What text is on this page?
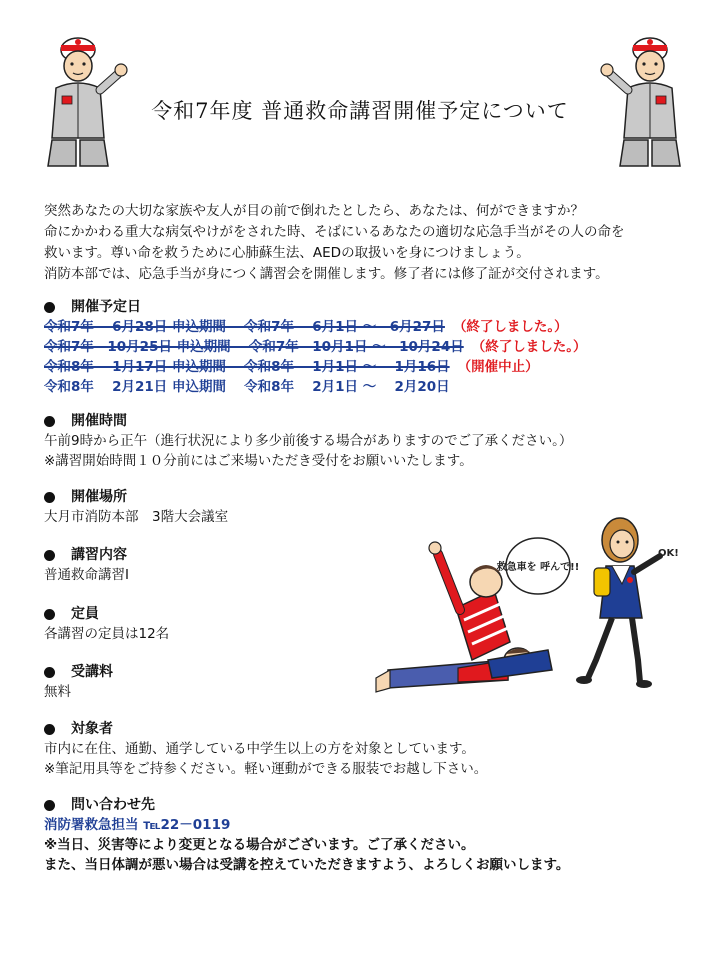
令和7年度 普通救命講習開催予定について

突然あなたの大切な家族や友人が目の前で倒れたとしたら、あなたは、何ができますか？

命にかかわる重大な病気やけがをされた時、そばにいるあなたの適切な応急手当がその人の命を

救います。尊い命を救うために心肺蘇生法、AEDの取扱いを身につけましょう。

消防本部では、応急手当が身につく講習会を開催します。修了者には修了証が交付されます。

開催予定日
令和7年　 6月28日 申込期間　 令和7年　 6月1日 ～　6月27日 （終了しました。）
令和7年　10月25日 申込期間　 令和7年　10月1日 ～　10月24日 （終了しました。）
令和8年　 1月17日 申込期間　 令和8年　 1月1日 ～　 1月16日 （開催中止）
令和8年　 2月21日 申込期間　 令和8年　 2月1日 ～　 2月20日
開催時間

午前9時から正午（進行状況により多少前後する場合がありますのでご了承ください。）

※講習開始時間１０分前にはご来場いただき受付をお願いいたします。

開催場所

大月市消防本部　3階大会議室

講習内容

普通救命講習Ⅰ

定員

各講習の定員は12名

受講料

無料

対象者

市内に在住、通勤、通学している中学生以上の方を対象としています。

※筆記用具等をご持参ください。軽い運動ができる服装でお越し下さい。

問い合わせ先

消防署救急担当 ℡22－0119

※当日、災害等により変更となる場合がございます。ご了承ください。

また、当日体調が悪い場合は受講を控えていただきますよう、よろしくお願いします。

救急車を 呼んで!!
OK!
